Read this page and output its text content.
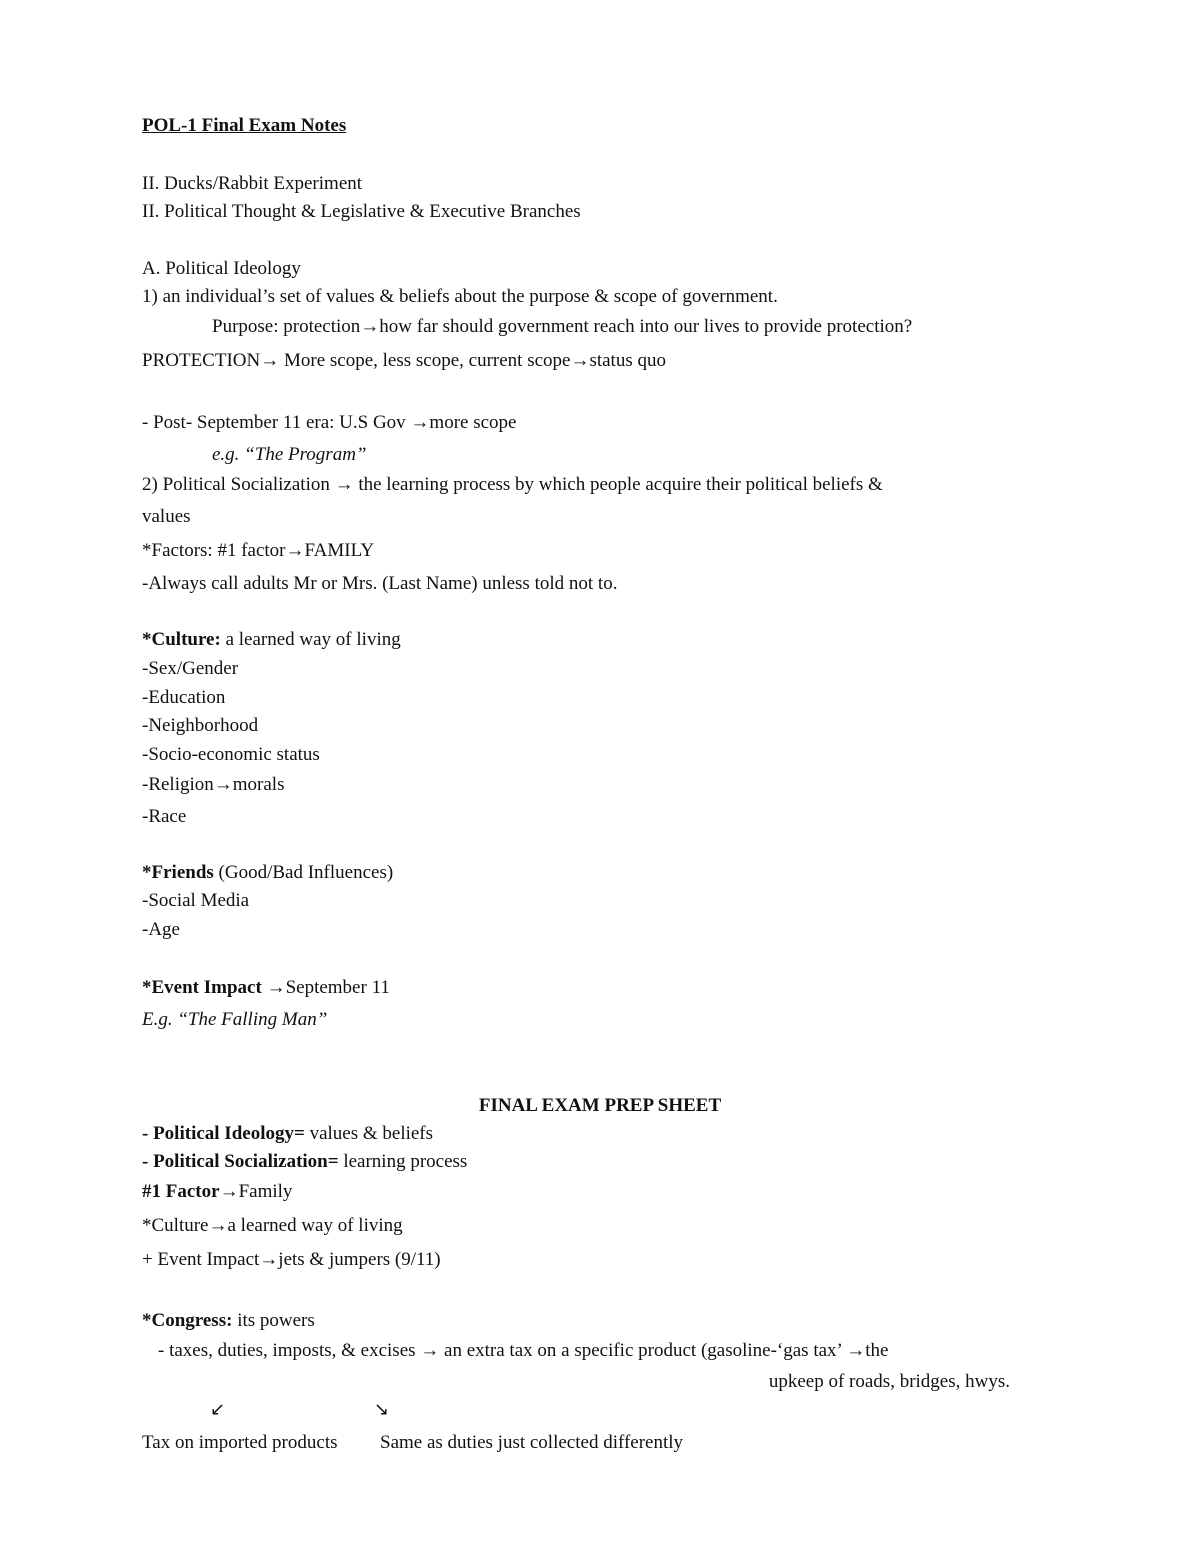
POL-1 Final Exam Notes
II. Ducks/Rabbit Experiment
II. Political Thought & Legislative & Executive Branches
A. Political Ideology
1) an individual’s set of values & beliefs about the purpose & scope of government.
Purpose: protection→how far should government reach into our lives to provide protection?
PROTECTION→ More scope, less scope, current scope→status quo
- Post- September 11 era: U.S Gov →more scope
e.g. “The Program”
2) Political Socialization → the learning process by which people acquire their political beliefs &
values
*Factors: #1 factor→FAMILY
-Always call adults Mr or Mrs. (Last Name) unless told not to.
*Culture: a learned way of living
-Sex/Gender
-Education
-Neighborhood
-Socio-economic status
-Religion→morals
-Race
*Friends (Good/Bad Influences)
-Social Media
-Age
*Event Impact →September 11
E.g. “The Falling Man”
FINAL EXAM PREP SHEET
- Political Ideology= values & beliefs
- Political Socialization= learning process
#1 Factor→Family
*Culture→a learned way of living
+ Event Impact→jets & jumpers (9/11)
*Congress: its powers
- taxes, duties, imposts, & excises → an extra tax on a specific product (gasoline-‘gas tax’ →the
upkeep of roads, bridges, hwys.
↙	↘
Tax on imported products Same as duties just collected differently
